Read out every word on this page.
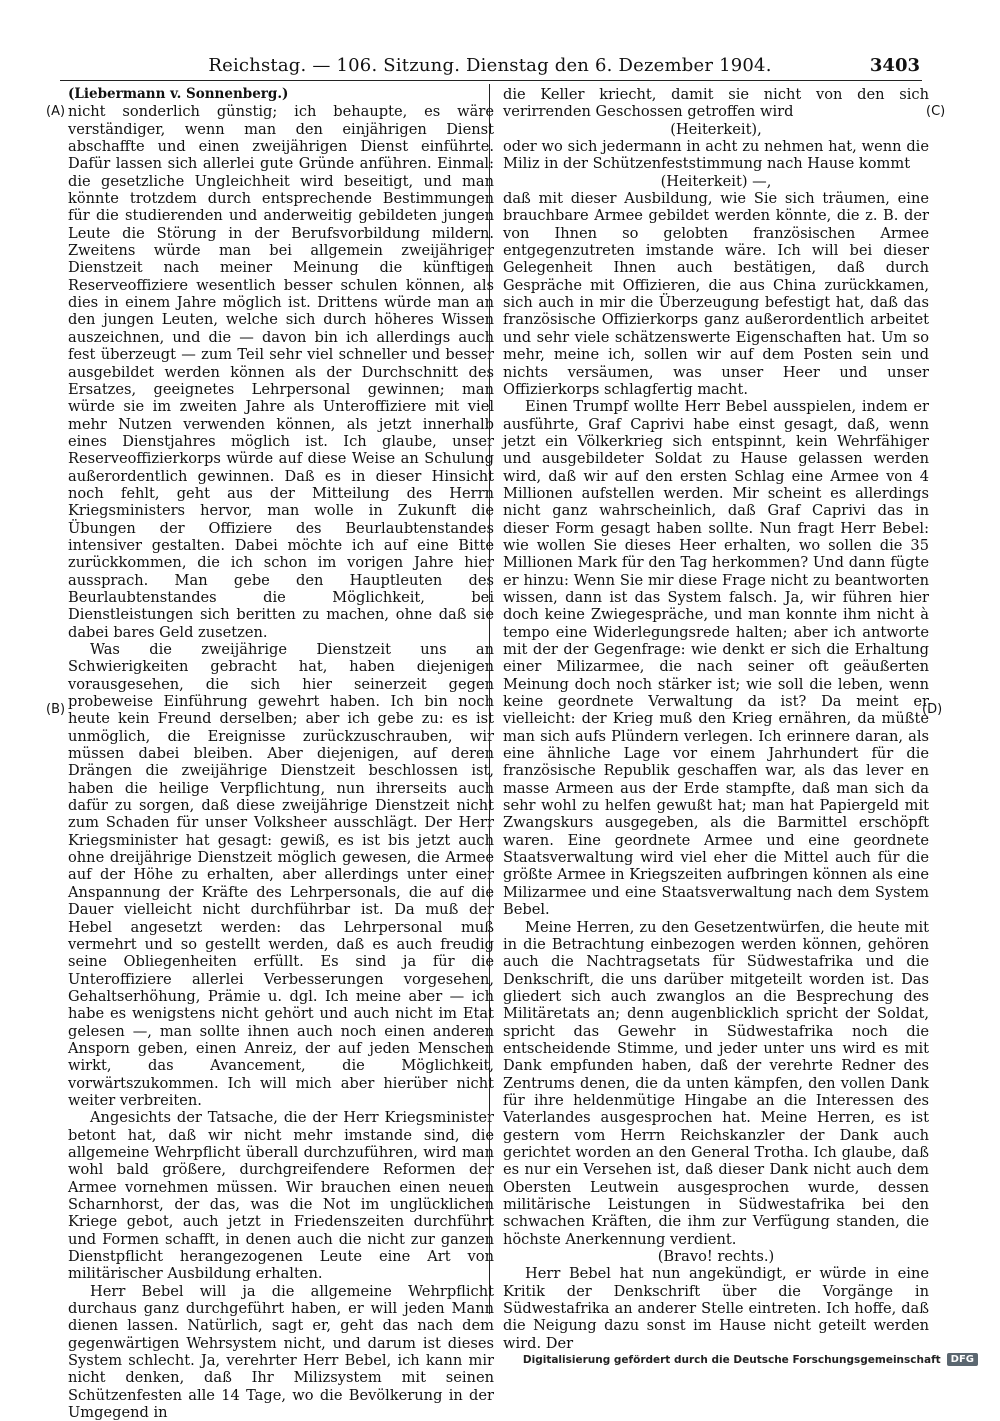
Reichstag. — 106. Sitzung. Dienstag den 6. Dezember 1904.	3403
(A)
(B)
(C)
(D)

(Liebermann v. Sonnenberg.)

nicht sonderlich günstig; ich behaupte, es wäre verständiger, wenn man den einjährigen Dienst abschaffte und einen zweijährigen Dienst einführte. Dafür lassen sich allerlei gute Gründe anführen. Einmal: die gesetzliche Ungleichheit wird beseitigt, und man könnte trotzdem durch entsprechende Bestimmungen für die studierenden und anderweitig gebildeten jungen Leute die Störung in der Berufsvorbildung mildern. Zweitens würde man bei allgemein zweijähriger Dienstzeit nach meiner Meinung die künftigen Reserveoffiziere wesentlich besser schulen können, als dies in einem Jahre möglich ist. Drittens würde man an den jungen Leuten, welche sich durch höheres Wissen auszeichnen, und die — davon bin ich allerdings auch fest überzeugt — zum Teil sehr viel schneller und besser ausgebildet werden können als der Durchschnitt des Ersatzes, geeignetes Lehrpersonal gewinnen; man würde sie im zweiten Jahre als Unteroffiziere mit viel mehr Nutzen verwenden können, als jetzt innerhalb eines Dienstjahres möglich ist. Ich glaube, unser Reserveoffizierkorps würde auf diese Weise an Schulung außerordentlich gewinnen. Daß es in dieser Hinsicht noch fehlt, geht aus der Mitteilung des Herrn Kriegsministers hervor, man wolle in Zukunft die Übungen der Offiziere des Beurlaubtenstandes intensiver gestalten. Dabei möchte ich auf eine Bitte zurückkommen, die ich schon im vorigen Jahre hier aussprach. Man gebe den Hauptleuten des Beurlaubtenstandes die Möglichkeit, bei Dienstleistungen sich beritten zu machen, ohne daß sie dabei bares Geld zusetzen.

Was die zweijährige Dienstzeit uns an Schwierigkeiten gebracht hat, haben diejenigen vorausgesehen, die sich hier seinerzeit gegen probeweise Einführung gewehrt haben. Ich bin noch heute kein Freund derselben; aber ich gebe zu: es ist unmöglich, die Ereignisse zurückzuschrauben, wir müssen dabei bleiben. Aber diejenigen, auf deren Drängen die zweijährige Dienstzeit beschlossen ist, haben die heilige Verpflichtung, nun ihrerseits auch dafür zu sorgen, daß diese zweijährige Dienstzeit nicht zum Schaden für unser Volksheer ausschlägt. Der Herr Kriegsminister hat gesagt: gewiß, es ist bis jetzt auch ohne dreijährige Dienstzeit möglich gewesen, die Armee auf der Höhe zu erhalten, aber allerdings unter einer Anspannung der Kräfte des Lehrpersonals, die auf die Dauer vielleicht nicht durchführbar ist. Da muß der Hebel angesetzt werden: das Lehrpersonal muß vermehrt und so gestellt werden, daß es auch freudig seine Obliegenheiten erfüllt. Es sind ja für die Unteroffiziere allerlei Verbesserungen vorgesehen, Gehaltserhöhung, Prämie u. dgl. Ich meine aber — ich habe es wenigstens nicht gehört und auch nicht im Etat gelesen —, man sollte ihnen auch noch einen anderen Ansporn geben, einen Anreiz, der auf jeden Menschen wirkt, das Avancement, die Möglichkeit, vorwärtszukommen. Ich will mich aber hierüber nicht weiter verbreiten.

Angesichts der Tatsache, die der Herr Kriegsminister betont hat, daß wir nicht mehr imstande sind, die allgemeine Wehrpflicht überall durchzuführen, wird man wohl bald größere, durchgreifendere Reformen der Armee vornehmen müssen. Wir brauchen einen neuen Scharnhorst, der das, was die Not im unglücklichen Kriege gebot, auch jetzt in Friedenszeiten durchführt und Formen schafft, in denen auch die nicht zur ganzen Dienstpflicht herangezogenen Leute eine Art von militärischer Ausbildung erhalten.

Herr Bebel will ja die allgemeine Wehrpflicht durchaus ganz durchgeführt haben, er will jeden Mann dienen lassen. Natürlich, sagt er, geht das nach dem gegenwärtigen Wehrsystem nicht, und darum ist dieses System schlecht. Ja, verehrter Herr Bebel, ich kann mir nicht denken, daß Ihr Milizsystem mit seinen Schützenfesten alle 14 Tage, wo die Bevölkerung in der Umgegend in

die Keller kriecht, damit sie nicht von den sich verirrenden Geschossen getroffen wird

(Heiterkeit),

oder wo sich jedermann in acht zu nehmen hat, wenn die Miliz in der Schützenfeststimmung nach Hause kommt

(Heiterkeit) —,

daß mit dieser Ausbildung, wie Sie sich träumen, eine brauchbare Armee gebildet werden könnte, die z. B. der von Ihnen so gelobten französischen Armee entgegenzutreten imstande wäre. Ich will bei dieser Gelegenheit Ihnen auch bestätigen, daß durch Gespräche mit Offizieren, die aus China zurückkamen, sich auch in mir die Überzeugung befestigt hat, daß das französische Offizierkorps ganz außerordentlich arbeitet und sehr viele schätzenswerte Eigenschaften hat. Um so mehr, meine ich, sollen wir auf dem Posten sein und nichts versäumen, was unser Heer und unser Offizierkorps schlagfertig macht.

Einen Trumpf wollte Herr Bebel ausspielen, indem er ausführte, Graf Caprivi habe einst gesagt, daß, wenn jetzt ein Völkerkrieg sich entspinnt, kein Wehrfähiger und ausgebildeter Soldat zu Hause gelassen werden wird, daß wir auf den ersten Schlag eine Armee von 4 Millionen aufstellen werden. Mir scheint es allerdings nicht ganz wahrscheinlich, daß Graf Caprivi das in dieser Form gesagt haben sollte. Nun fragt Herr Bebel: wie wollen Sie dieses Heer erhalten, wo sollen die 35 Millionen Mark für den Tag herkommen? Und dann fügte er hinzu: Wenn Sie mir diese Frage nicht zu beantworten wissen, dann ist das System falsch. Ja, wir führen hier doch keine Zwiegespräche, und man konnte ihm nicht à tempo eine Widerlegungsrede halten; aber ich antworte mit der der Gegenfrage: wie denkt er sich die Erhaltung einer Milizarmee, die nach seiner oft geäußerten Meinung doch noch stärker ist; wie soll die leben, wenn keine geordnete Verwaltung da ist? Da meint er vielleicht: der Krieg muß den Krieg ernähren, da müßte man sich aufs Plündern verlegen. Ich erinnere daran, als eine ähnliche Lage vor einem Jahrhundert für die französische Republik geschaffen war, als das lever en masse Armeen aus der Erde stampfte, daß man sich da sehr wohl zu helfen gewußt hat; man hat Papiergeld mit Zwangskurs ausgegeben, als die Barmittel erschöpft waren. Eine geordnete Armee und eine geordnete Staatsverwaltung wird viel eher die Mittel auch für die größte Armee in Kriegszeiten aufbringen können als eine Milizarmee und eine Staatsverwaltung nach dem System Bebel.

Meine Herren, zu den Gesetzentwürfen, die heute mit in die Betrachtung einbezogen werden können, gehören auch die Nachtragsetats für Südwestafrika und die Denkschrift, die uns darüber mitgeteilt worden ist. Das gliedert sich auch zwanglos an die Besprechung des Militäretats an; denn augenblicklich spricht der Soldat, spricht das Gewehr in Südwestafrika noch die entscheidende Stimme, und jeder unter uns wird es mit Dank empfunden haben, daß der verehrte Redner des Zentrums denen, die da unten kämpfen, den vollen Dank für ihre heldenmütige Hingabe an die Interessen des Vaterlandes ausgesprochen hat. Meine Herren, es ist gestern vom Herrn Reichskanzler der Dank auch gerichtet worden an den General Trotha. Ich glaube, daß es nur ein Versehen ist, daß dieser Dank nicht auch dem Obersten Leutwein ausgesprochen wurde, dessen militärische Leistungen in Südwestafrika bei den schwachen Kräften, die ihm zur Verfügung standen, die höchste Anerkennung verdient.

(Bravo! rechts.)

Herr Bebel hat nun angekündigt, er würde in eine Kritik der Denkschrift über die Vorgänge in Südwestafrika an anderer Stelle eintreten. Ich hoffe, daß die Neigung dazu sonst im Hause nicht geteilt werden wird. Der

Digitalisierung gefördert durch die Deutsche Forschungsgemeinschaft	DFG
